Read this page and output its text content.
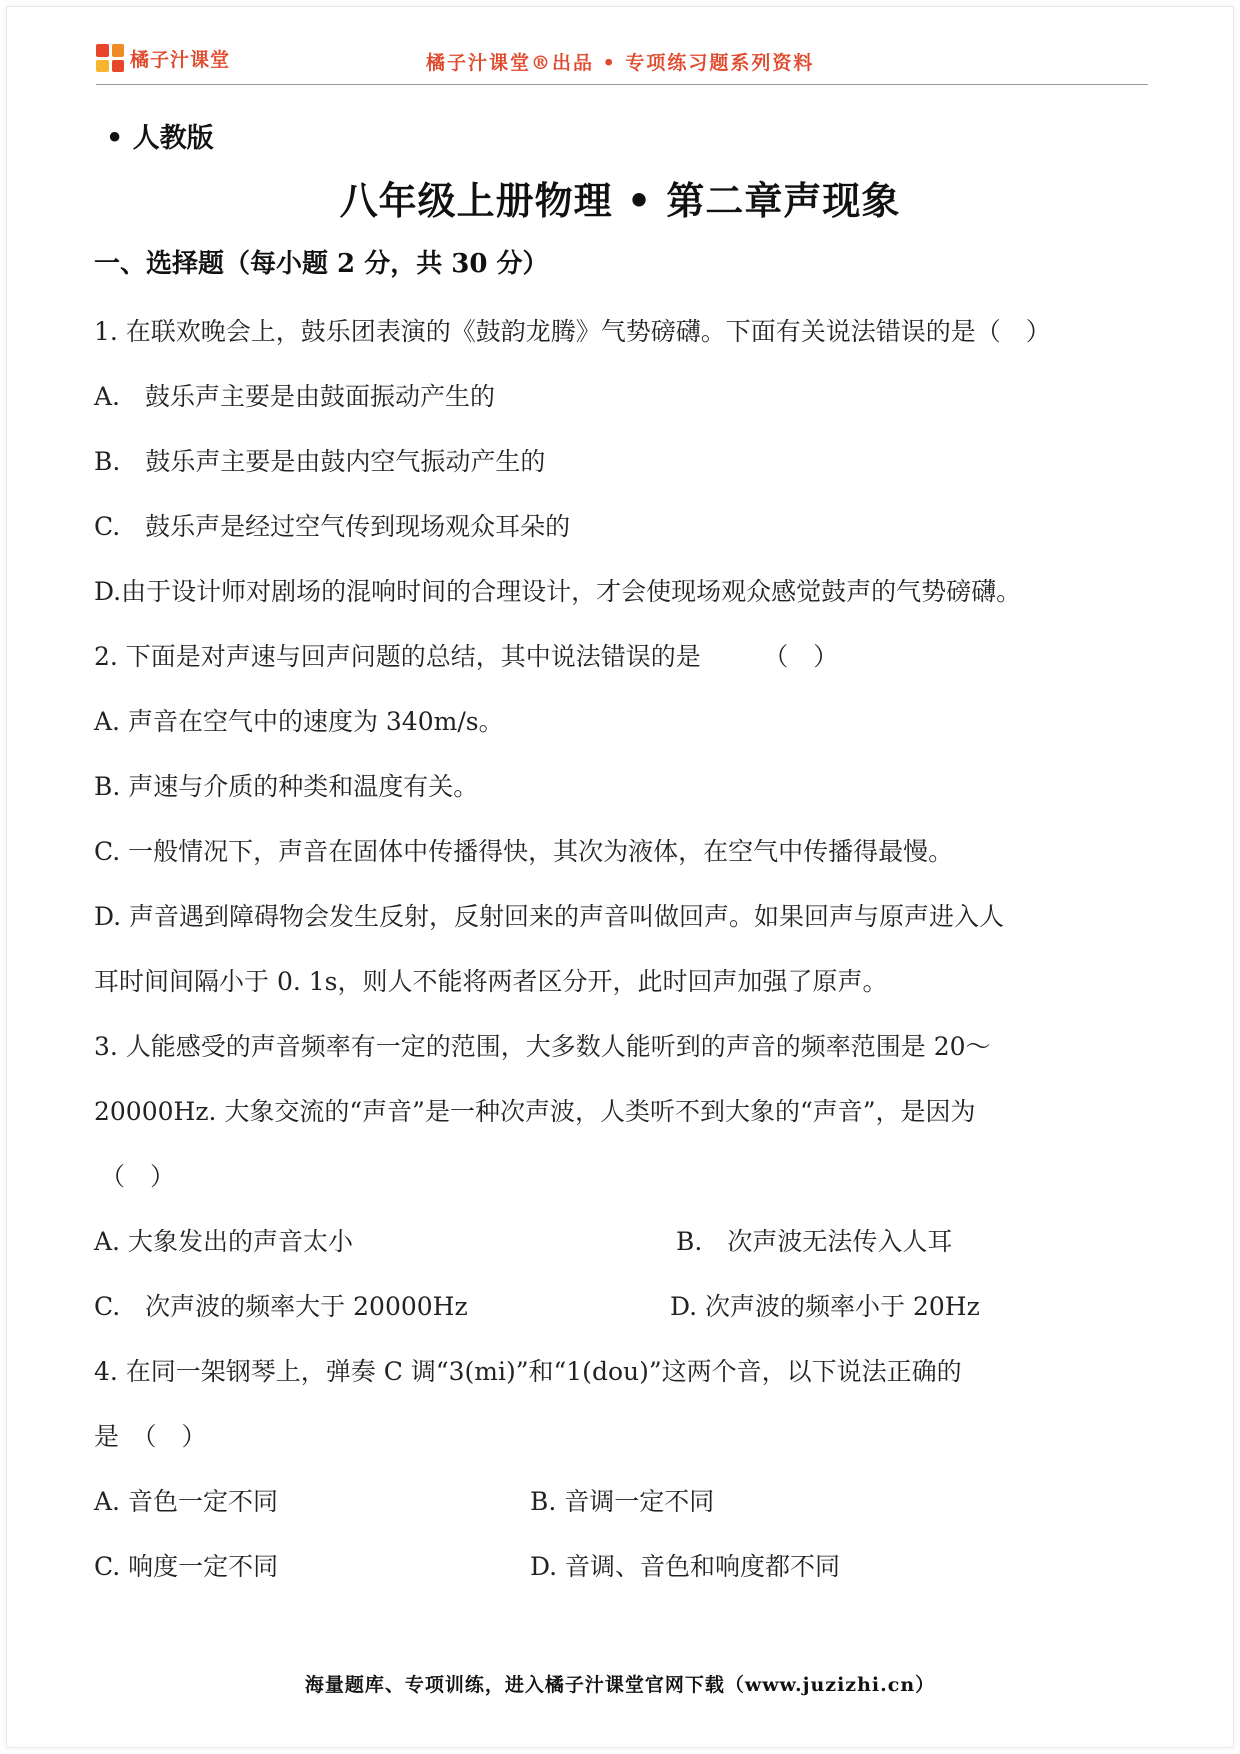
橘子汁课堂	橘子汁课堂®出品 • 专项练习题系列资料
• 人教版
八年级上册物理 • 第二章声现象
一、选择题（每小题 2 分，共 30 分）
1. 在联欢晚会上，鼓乐团表演的《鼓韵龙腾》气势磅礴。下面有关说法错误的是（　）
A.　鼓乐声主要是由鼓面振动产生的
B.　鼓乐声主要是由鼓内空气振动产生的
C.　鼓乐声是经过空气传到现场观众耳朵的
D.由于设计师对剧场的混响时间的合理设计，才会使现场观众感觉鼓声的气势磅礴。
2. 下面是对声速与回声问题的总结，其中说法错误的是　　　（　）
A. 声音在空气中的速度为 340m/s。
B. 声速与介质的种类和温度有关。
C. 一般情况下，声音在固体中传播得快，其次为液体，在空气中传播得最慢。
D. 声音遇到障碍物会发生反射，反射回来的声音叫做回声。如果回声与原声进入人
耳时间间隔小于 0. 1s，则人不能将两者区分开，此时回声加强了原声。
3. 人能感受的声音频率有一定的范围，大多数人能听到的声音的频率范围是 20～
20000Hz. 大象交流的“声音”是一种次声波，人类听不到大象的“声音”，是因为
（　）
A. 大象发出的声音太小	B.　次声波无法传入人耳
C.　次声波的频率大于 20000Hz	D. 次声波的频率小于 20Hz
4. 在同一架钢琴上，弹奏 C 调“3(mi)”和“1(dou)”这两个音，以下说法正确的
是　（　）
A. 音色一定不同	B. 音调一定不同
C. 响度一定不同	D. 音调、音色和响度都不同
海量题库、专项训练，进入橘子汁课堂官网下载（www.juzizhi.cn）
